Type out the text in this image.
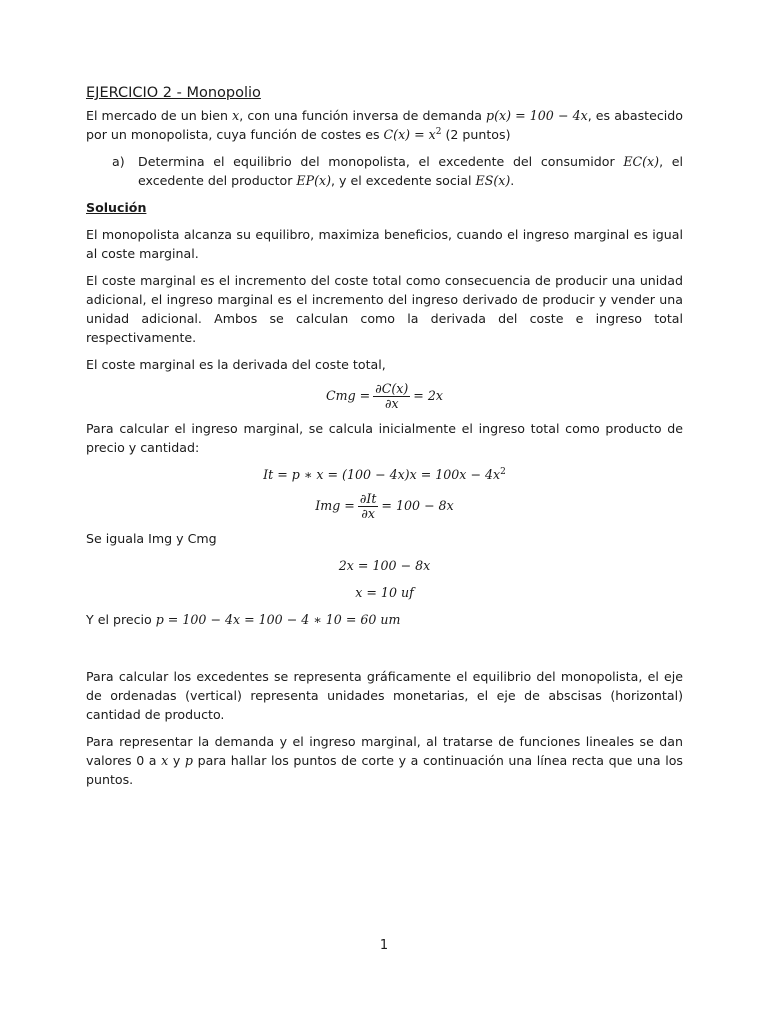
EJERCICIO 2 - Monopolio

El mercado de un bien x, con una función inversa de demanda p(x) = 100 − 4x, es abastecido por un monopolista, cuya función de costes es $C(x) = x^2$ (2 puntos)

a)	Determina el equilibrio del monopolista, el excedente del consumidor EC(x), el excedente del productor EP(x), y el excedente social ES(x).
Solución

El monopolista alcanza su equilibro, maximiza beneficios, cuando el ingreso marginal es igual al coste marginal.

El coste marginal es el incremento del coste total como consecuencia de producir una unidad adicional, el ingreso marginal es el incremento del ingreso derivado de producir y vender una unidad adicional. Ambos se calculan como la derivada del coste e ingreso total respectivamente.

El coste marginal es la derivada del coste total,

Cmg = $\frac{\partial C(x)}{\partial x} = 2x$

Para calcular el ingreso marginal, se calcula inicialmente el ingreso total como producto de precio y cantidad:

It = p ∗ $x = (100 - 4x)x = 100x - 4x^2$
Img = $\frac{\partial It}{\partial x} = 100 - 8x$

Se iguala Img y Cmg

2x = 100 − 8x
x = 10 uf

Y el precio p = 100 − 4x = 100 − 4 ∗ 10 = 60 um

Para calcular los excedentes se representa gráficamente el equilibrio del monopolista, el eje de ordenadas (vertical) representa unidades monetarias, el eje de abscisas (horizontal) cantidad de producto.

Para representar la demanda y el ingreso marginal, al tratarse de funciones lineales se dan valores 0 a x y p para hallar los puntos de corte y a continuación una línea recta que una los puntos.

1
